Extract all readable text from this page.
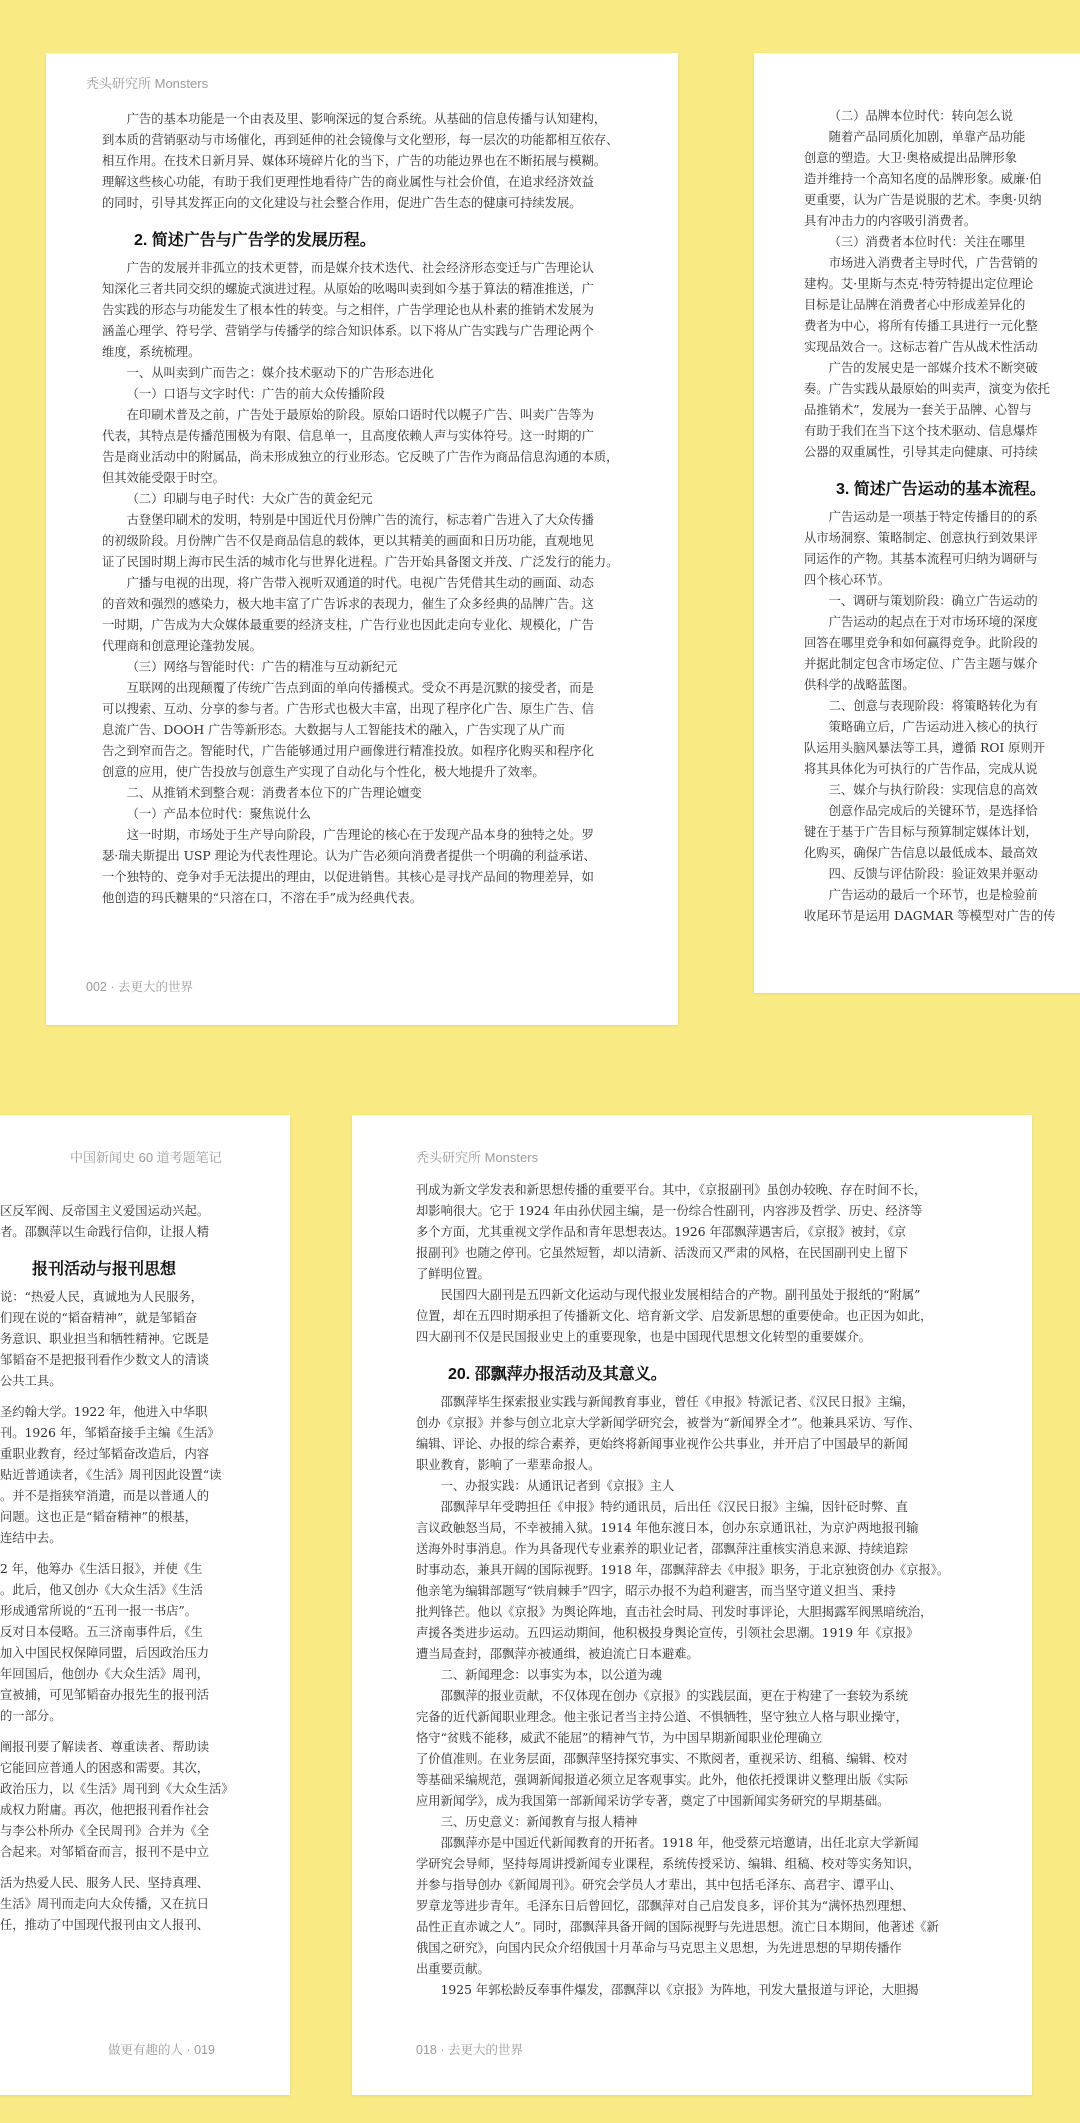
秃头研究所 Monsters

广告的基本功能是一个由表及里、影响深远的复合系统。从基础的信息传播与认知建构，

到本质的营销驱动与市场催化，再到延伸的社会镜像与文化塑形，每一层次的功能都相互依存、

相互作用。在技术日新月异、媒体环境碎片化的当下，广告的功能边界也在不断拓展与模糊。

理解这些核心功能，有助于我们更理性地看待广告的商业属性与社会价值，在追求经济效益

的同时，引导其发挥正向的文化建设与社会整合作用，促进广告生态的健康可持续发展。

2. 简述广告与广告学的发展历程。

广告的发展并非孤立的技术更替，而是媒介技术迭代、社会经济形态变迁与广告理论认

知深化三者共同交织的螺旋式演进过程。从原始的吆喝叫卖到如今基于算法的精准推送，广

告实践的形态与功能发生了根本性的转变。与之相伴，广告学理论也从朴素的推销术发展为

涵盖心理学、符号学、营销学与传播学的综合知识体系。以下将从广告实践与广告理论两个

维度，系统梳理。

一、从叫卖到广而告之：媒介技术驱动下的广告形态进化

（一）口语与文字时代：广告的前大众传播阶段

在印刷术普及之前，广告处于最原始的阶段。原始口语时代以幌子广告、叫卖广告等为

代表，其特点是传播范围极为有限、信息单一，且高度依赖人声与实体符号。这一时期的广

告是商业活动中的附属品，尚未形成独立的行业形态。它反映了广告作为商品信息沟通的本质，

但其效能受限于时空。

（二）印刷与电子时代：大众广告的黄金纪元

古登堡印刷术的发明，特别是中国近代月份牌广告的流行，标志着广告进入了大众传播

的初级阶段。月份牌广告不仅是商品信息的载体，更以其精美的画面和日历功能，直观地见

证了民国时期上海市民生活的城市化与世界化进程。广告开始具备图文并茂、广泛发行的能力。

广播与电视的出现，将广告带入视听双通道的时代。电视广告凭借其生动的画面、动态

的音效和强烈的感染力，极大地丰富了广告诉求的表现力，催生了众多经典的品牌广告。这

一时期，广告成为大众媒体最重要的经济支柱，广告行业也因此走向专业化、规模化，广告

代理商和创意理论蓬勃发展。

（三）网络与智能时代：广告的精准与互动新纪元

互联网的出现颠覆了传统广告点到面的单向传播模式。受众不再是沉默的接受者，而是

可以搜索、互动、分享的参与者。广告形式也极大丰富，出现了程序化广告、原生广告、信

息流广告、DOOH 广告等新形态。大数据与人工智能技术的融入，广告实现了从广而

告之到窄而告之。智能时代，广告能够通过用户画像进行精准投放。如程序化购买和程序化

创意的应用，使广告投放与创意生产实现了自动化与个性化，极大地提升了效率。

二、从推销术到整合观：消费者本位下的广告理论嬗变

（一）产品本位时代：聚焦说什么

这一时期，市场处于生产导向阶段，广告理论的核心在于发现产品本身的独特之处。罗

瑟·瑞夫斯提出 USP 理论为代表性理论。认为广告必须向消费者提供一个明确的利益承诺、

一个独特的、竞争对手无法提出的理由，以促进销售。其核心是寻找产品间的物理差异，如

他创造的玛氏糖果的“只溶在口，不溶在手”成为经典代表。

002 · 去更大的世界

（二）品牌本位时代：转向怎么说

随着产品同质化加剧，单靠产品功能

创意的塑造。大卫·奥格威提出品牌形象

造并维持一个高知名度的品牌形象。威廉·伯

更重要，认为广告是说服的艺术。李奥·贝纳

具有冲击力的内容吸引消费者。

（三）消费者本位时代：关注在哪里

市场进入消费者主导时代，广告营销的

建构。艾·里斯与杰克·特劳特提出定位理论

目标是让品牌在消费者心中形成差异化的

费者为中心，将所有传播工具进行一元化整

实现品效合一。这标志着广告从战术性活动

广告的发展史是一部媒介技术不断突破

奏。广告实践从最原始的叫卖声，演变为依托

品推销术”，发展为一套关于品牌、心智与

有助于我们在当下这个技术驱动、信息爆炸

公器的双重属性，引导其走向健康、可持续

3. 简述广告运动的基本流程。

广告运动是一项基于特定传播目的的系

从市场洞察、策略制定、创意执行到效果评

同运作的产物。其基本流程可归纳为调研与

四个核心环节。

一、调研与策划阶段：确立广告运动的

广告运动的起点在于对市场环境的深度

回答在哪里竞争和如何赢得竞争。此阶段的

并据此制定包含市场定位、广告主题与媒介

供科学的战略蓝图。

二、创意与表现阶段：将策略转化为有

策略确立后，广告运动进入核心的执行

队运用头脑风暴法等工具，遵循 ROI 原则开

将其具体化为可执行的广告作品，完成从说

三、媒介与执行阶段：实现信息的高效

创意作品完成后的关键环节，是选择恰

键在于基于广告目标与预算制定媒体计划，

化购买，确保广告信息以最低成本、最高效

四、反馈与评估阶段：验证效果并驱动

广告运动的最后一个环节，也是检验前

收尾环节是运用 DAGMAR 等模型对广告的传

中国新闻史 60 道考题笔记

区反军阀、反帝国主义爱国运动兴起。

者。邵飘萍以生命践行信仰，让报人精

报刊活动与报刊思想

说：“热爱人民，真诚地为人民服务，

们现在说的“韬奋精神”，就是邹韬奋

务意识、职业担当和牺牲精神。它既是

邹韬奋不是把报刊看作少数文人的清谈

公共工具。

圣约翰大学。1922 年，他进入中华职

刊。1926 年，邹韬奋接手主编《生活》

重职业教育，经过邹韬奋改造后，内容

贴近普通读者，《生活》周刊因此设置“读

。并不是指狭窄消遣，而是以普通人的

问题。这也正是“韬奋精神”的根基，

连结中去。

2 年，他筹办《生活日报》，并使《生

。此后，他又创办《大众生活》《生活

形成通常所说的“五刊一报一书店”。

反对日本侵略。五三济南事件后，《生

加入中国民权保障同盟，后因政治压力

年回国后，他创办《大众生活》周刊，

宣被捕，可见邹韬奋办报先生的报刊活

的一部分。

阐报刊要了解读者、尊重读者、帮助读

它能回应普通人的困惑和需要。其次，

政治压力，以《生活》周刊到《大众生活》

成权力附庸。再次，他把报刊看作社会

与李公朴所办《全民周刊》合并为《全

合起来。对邹韬奋而言，报刊不是中立

活为热爱人民、服务人民、坚持真理、

生活》周刊而走向大众传播，又在抗日

任，推动了中国现代报刊由文人报刊、

做更有趣的人 · 019
秃头研究所 Monsters

刊成为新文学发表和新思想传播的重要平台。其中，《京报副刊》虽创办较晚、存在时间不长，

却影响很大。它于 1924 年由孙伏园主编，是一份综合性副刊，内容涉及哲学、历史、经济等

多个方面，尤其重视文学作品和青年思想表达。1926 年邵飘萍遇害后，《京报》被封，《京

报副刊》也随之停刊。它虽然短暂，却以清新、活泼而又严肃的风格，在民国副刊史上留下

了鲜明位置。

民国四大副刊是五四新文化运动与现代报业发展相结合的产物。副刊虽处于报纸的“附属”

位置，却在五四时期承担了传播新文化、培育新文学、启发新思想的重要使命。也正因为如此，

四大副刊不仅是民国报业史上的重要现象，也是中国现代思想文化转型的重要媒介。

20. 邵飘萍办报活动及其意义。

邵飘萍毕生探索报业实践与新闻教育事业，曾任《申报》特派记者、《汉民日报》主编，

创办《京报》并参与创立北京大学新闻学研究会，被誉为“新闻界全才”。他兼具采访、写作、

编辑、评论、办报的综合素养，更始终将新闻事业视作公共事业，并开启了中国最早的新闻

职业教育，影响了一辈辈命报人。

一、办报实践：从通讯记者到《京报》主人

邵飘萍早年受聘担任《申报》特约通讯员，后出任《汉民日报》主编，因针砭时弊、直

言议政触怒当局，不幸被捕入狱。1914 年他东渡日本，创办东京通讯社，为京沪两地报刊输

送海外时事消息。作为具备现代专业素养的职业记者，邵飘萍注重核实消息来源、持续追踪

时事动态，兼具开阔的国际视野。1918 年，邵飘萍辞去《申报》职务，于北京独资创办《京报》。

他亲笔为编辑部题写“铁肩棘手”四字，昭示办报不为趋利避害，而当坚守道义担当、秉持

批判锋芒。他以《京报》为舆论阵地，直击社会时局、刊发时事评论，大胆揭露军阀黑暗统治，

声援各类进步运动。五四运动期间，他积极投身舆论宣传，引领社会思潮。1919 年《京报》

遭当局查封，邵飘萍亦被通缉，被迫流亡日本避难。

二、新闻理念：以事实为本，以公道为魂

邵飘萍的报业贡献，不仅体现在创办《京报》的实践层面，更在于构建了一套较为系统

完备的近代新闻职业理念。他主张记者当主持公道、不惧牺牲，坚守独立人格与职业操守，

恪守“贫贱不能移，威武不能屈”的精神气节，为中国早期新闻职业伦理确立

了价值准则。在业务层面，邵飘萍坚持探究事实、不欺阅者，重视采访、组稿、编辑、校对

等基础采编规范，强调新闻报道必须立足客观事实。此外，他依托授课讲义整理出版《实际

应用新闻学》，成为我国第一部新闻采访学专著，奠定了中国新闻实务研究的早期基础。

三、历史意义：新闻教育与报人精神

邵飘萍亦是中国近代新闻教育的开拓者。1918 年，他受蔡元培邀请，出任北京大学新闻

学研究会导师，坚持每周讲授新闻专业课程，系统传授采访、编辑、组稿、校对等实务知识，

并参与指导创办《新闻周刊》。研究会学员人才辈出，其中包括毛泽东、高君宇、谭平山、

罗章龙等进步青年。毛泽东日后曾回忆，邵飘萍对自己启发良多，评价其为“满怀热烈理想、

品性正直赤诚之人”。同时，邵飘萍具备开阔的国际视野与先进思想。流亡日本期间，他著述《新

俄国之研究》，向国内民众介绍俄国十月革命与马克思主义思想，为先进思想的早期传播作

出重要贡献。

1925 年郭松龄反奉事件爆发，邵飘萍以《京报》为阵地，刊发大量报道与评论，大胆揭

018 · 去更大的世界
